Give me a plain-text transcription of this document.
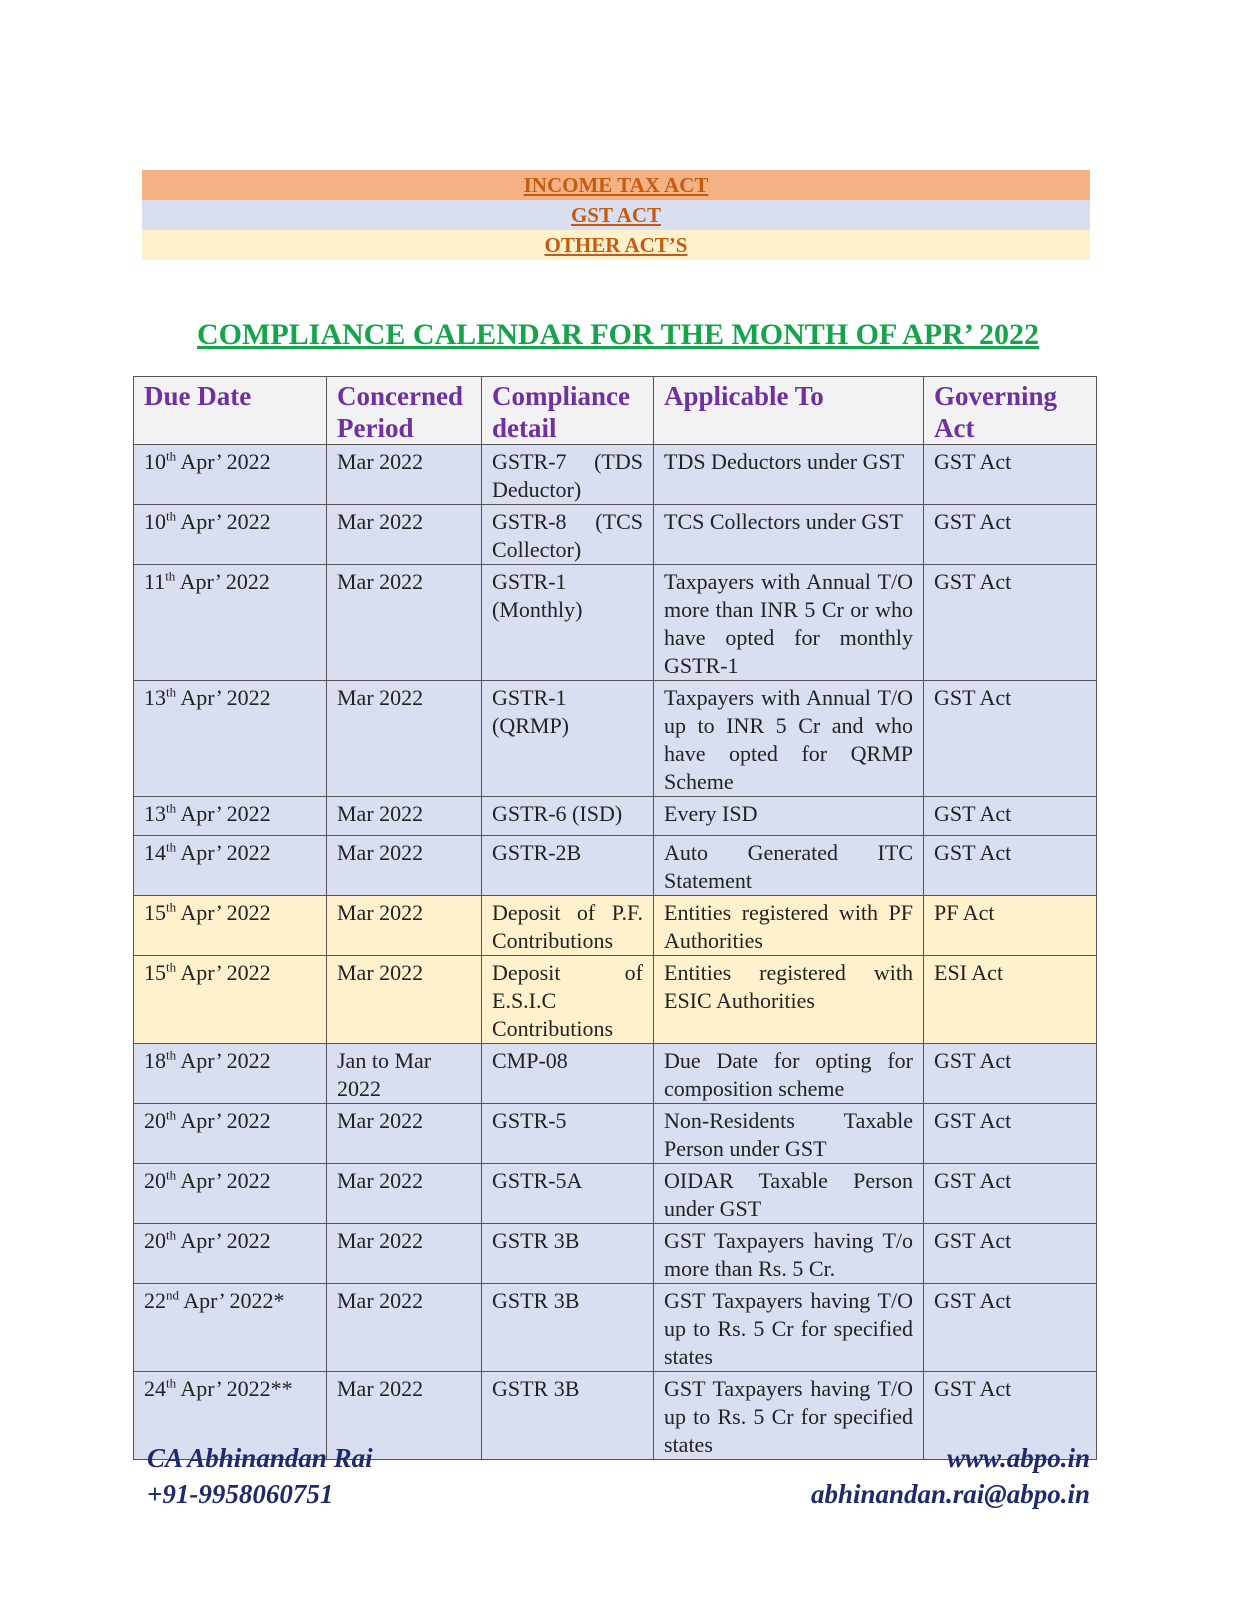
INCOME TAX ACT
GST ACT
OTHER ACT’S
COMPLIANCE CALENDAR FOR THE MONTH OF APR’ 2022
Due Date	Concerned Period	Compliance detail	Applicable To	Governing Act
10th Apr’ 2022	Mar 2022	GSTR-7 (TDS Deductor)	TDS Deductors under GST	GST Act
10th Apr’ 2022	Mar 2022	GSTR-8 (TCS Collector)	TCS Collectors under GST	GST Act
11th Apr’ 2022	Mar 2022	GSTR-1 (Monthly)	Taxpayers with Annual T/O more than INR 5 Cr or who have opted for monthly GSTR-1	GST Act
13th Apr’ 2022	Mar 2022	GSTR-1 (QRMP)	Taxpayers with Annual T/O up to INR 5 Cr and who have opted for QRMP Scheme	GST Act
13th Apr’ 2022	Mar 2022	GSTR-6 (ISD)	Every ISD	GST Act
14th Apr’ 2022	Mar 2022	GSTR-2B	Auto Generated ITC Statement	GST Act
15th Apr’ 2022	Mar 2022	Deposit of P.F. Contributions	Entities registered with PF Authorities	PF Act
15th Apr’ 2022	Mar 2022	Deposit of E.S.I.C Contributions	Entities registered with ESIC Authorities	ESI Act
18th Apr’ 2022	Jan to Mar 2022	CMP-08	Due Date for opting for composition scheme	GST Act
20th Apr’ 2022	Mar 2022	GSTR-5	Non-Residents Taxable Person under GST	GST Act
20th Apr’ 2022	Mar 2022	GSTR-5A	OIDAR Taxable Person under GST	GST Act
20th Apr’ 2022	Mar 2022	GSTR 3B	GST Taxpayers having T/o more than Rs. 5 Cr.	GST Act
22nd Apr’ 2022*	Mar 2022	GSTR 3B	GST Taxpayers having T/O up to Rs. 5 Cr for specified states	GST Act
24th Apr’ 2022**	Mar 2022	GSTR 3B	GST Taxpayers having T/O up to Rs. 5 Cr for specified states	GST Act
CA Abhinandan Rai
+91-9958060751
www.abpo.in
abhinandan.rai@abpo.in
